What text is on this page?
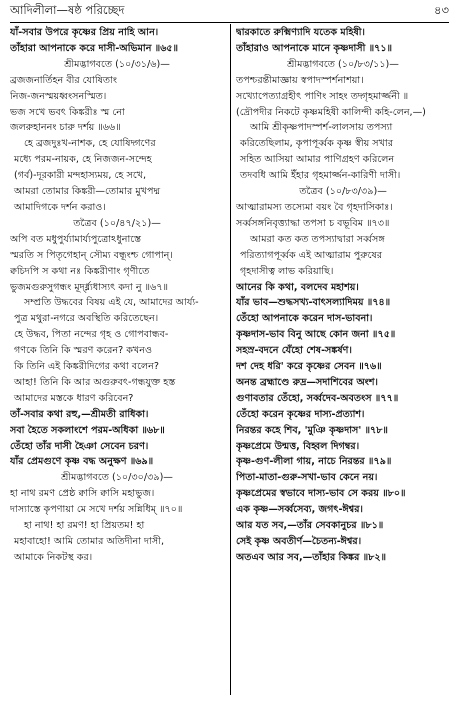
আদিলীলা—ষষ্ঠ পরিচ্ছেদ	৪৩
যাঁ-সবার উপরে কৃষ্ণের প্রিয় নাহি আন।
তাঁহারা আপনাকে করে দাসী-অভিমান ॥৬৫॥
শ্রীমদ্ভাগবতে (১০/৩১/৬)—
ব্রজজনার্তিহন বীর যোষিতাং
নিজ-জনস্ময়ধ্বংসনস্মিত।
ভজ সখে ভবৎ কিঙ্করীঃ স্ম নো
জলরুহাননং চারু দর্শয় ॥৬৬॥
হে ব্রজদুঃখ-নাশক, হে যোষিদ্গণের
মধ্যে পরম-নায়ক, হে নিজজন-সন্দেহ
(গর্ব)-দূরকারী মন্দহাস্যময়, হে সখে,
আমরা তোমার কিঙ্করী—তোমার মুখপদ্ম
আমাদিগকে দর্শন করাও।
তত্রৈব (১০/৪৭/২১)—
অপি বত মধুপুর্য্যামার্য্যপুত্রোঽধুনাস্তে
স্মরতি স পিতৃগেহান্ সৌম্য বন্ধূংশ্চ গোপান্।
ক্বচিদপি স কথা নঃ কিঙ্করীণাং গৃণীতে
ভুজমগুরুসুগন্ধং মূর্দ্ধ্ন্যধাস্যৎ কদা নু ॥৬৭॥
সম্প্রতি উদ্ধবের বিষয় এই যে, আমাদের আর্য্য-
পুত্র মথুরা-নগরে অবস্থিতি করিতেছেন।
হে উদ্ধব, পিতা নন্দের গৃহ ও গোপবান্ধব-
গণকে তিনি কি স্মরণ করেন? কখনও
কি তিনি এই কিঙ্করীদিগের কথা বলেন?
আহা! তিনি কি আর অগুরুবৎ-গন্ধযুক্ত হস্ত
আমাদের মস্তকে ধারণ করিবেন?
তাঁ-সবার কথা রহু,—শ্রীমতী রাধিকা।
সবা হৈতে সকলাংশে পরম-অধিকা ॥৬৮॥
তেঁহো তাঁর দাসী হৈঞা সেবেন চরণ।
যাঁর প্রেমগুণে কৃষ্ণ বদ্ধ অনুক্ষণ ॥৬৯॥
শ্রীমদ্ভাগবতে (১০/৩০/৩৯)—
হা নাথ রমণ প্রেষ্ঠ ক্বাসি ক্বাসি মহাভুজ।
দাস্যাস্তে কৃপণায়া মে সখে দর্শয় সন্নিধিম্ ॥৭০॥
হা নাথ! হা রমণ! হা প্রিয়তম! হা
মহাবাহো! আমি তোমার অতিদীনা দাসী,
আমাকে নিকটস্থ কর।
দ্বারকাতে রুক্মিণ্যাদি যতেক মহিষী।
তাঁহারাও আপনাকে মানে কৃষ্ণদাসী ॥৭১॥
শ্রীমদ্ভাগবতে (১০/৮৩/১১)—
তপশ্চরন্তীমাজ্ঞায় স্বপাদস্পর্শনাশয়া।
সখ্যোপেত্যাগ্রহীৎ পাণিং সাহং তদ্গৃহমার্জ্জনী ॥
(দ্রৌপদীর নিকটে কৃষ্ণমহিষী কালিন্দী কহি-লেন,—)
আমি শ্রীকৃষ্ণপাদস্পর্শ-লালসায় তপস্যা
করিতেছিলাম, কৃপাপূর্ব্বক কৃষ্ণ স্বীয় সখার
সহিত আসিয়া আমার পাণিগ্রহণ করিলেন
তদবধি আমি ইঁহার গৃহমার্জ্জন-কারিণী দাসী।
তত্রৈব (১০/৮৩/৩৯)—
আত্মারামস্য তস্যেমা বয়ং বৈ গৃহদাসিকাঃ।
সর্ব্বসঙ্গনিবৃত্ত্যাদ্ধা তপসা চ বভূবিম ॥৭৩॥
আমরা কত কত তপস্যাদ্বারা সর্ব্বসঙ্গ
পরিত্যাগপূর্ব্বক এই আত্মারাম পুরুষের
গৃহদাসীত্ব লাভ করিয়াছি।
আনের কি কথা, বলদেব মহাশয়।
যাঁর ভাব—শুদ্ধসখ্য-বাৎসল্যাদিময় ॥৭৪॥
তেঁহো আপনাকে করেন দাস-ভাবনা।
কৃষ্ণদাস-ভাব বিনু আছে কোন জনা ॥৭৫॥
সহস্র-বদনে যেঁহো শেষ-সঙ্কর্ষণ।
দশ দেহ ধরি' করে কৃষ্ণের সেবন ॥৭৬॥
অনন্ত ব্রহ্মাণ্ডে রুদ্র—সদাশিবের অংশ।
গুণাবতার তেঁহো, সর্ব্বদেব-অবতংস ॥৭৭॥
তেঁহো করেন কৃষ্ণের দাস্য-প্রত্যাশ।
নিরন্তর কহে শিব, 'মুঞি কৃষ্ণদাস' ॥৭৮॥
কৃষ্ণপ্রেমে উন্মত্ত, বিহ্বল দিগম্বর।
কৃষ্ণ-গুণ-লীলা গায়, নাচে নিরন্তর ॥৭৯॥
পিতা-মাতা-গুরু-সখা-ভাব কেনে নয়।
কৃষ্ণপ্রেমের স্বভাবে দাস্য-ভাব সে করয় ॥৮০॥
এক কৃষ্ণ—সর্ব্বসেব্য, জগৎ-ঈশ্বর।
আর যত সব,—তাঁর সেবকানুচর ॥৮১॥
সেই কৃষ্ণ অবতীর্ণ—চৈতন্য-ঈশ্বর।
অতএব আর সব,—তাঁহার কিঙ্কর ॥৮২॥
